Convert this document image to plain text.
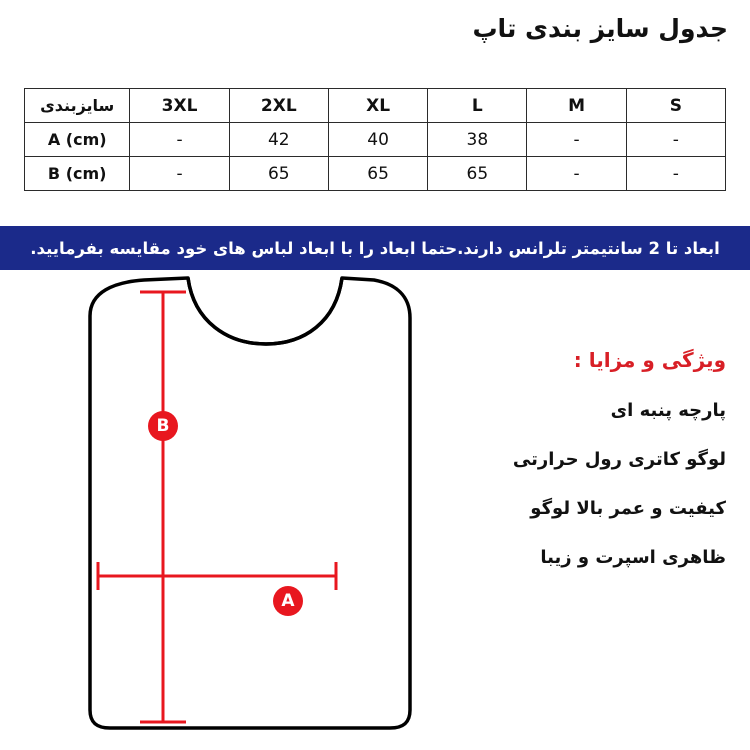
جدول سایز بندی تاپ
S	M	L	XL	2XL	3XL	سایزبندی
-	-	38	40	42	-	A (cm)
-	-	65	65	65	-	B (cm)
ابعاد تا 2 سانتیمتر تلرانس دارند.حتما ابعاد را با ابعاد لباس های خود مقایسه بفرمایید.
ویژگی و مزایا :
پارچه پنبه ای
لوگو کاتری رول حرارتی
کیفیت و عمر بالا لوگو
ظاهری اسپرت و زیبا
B
A
